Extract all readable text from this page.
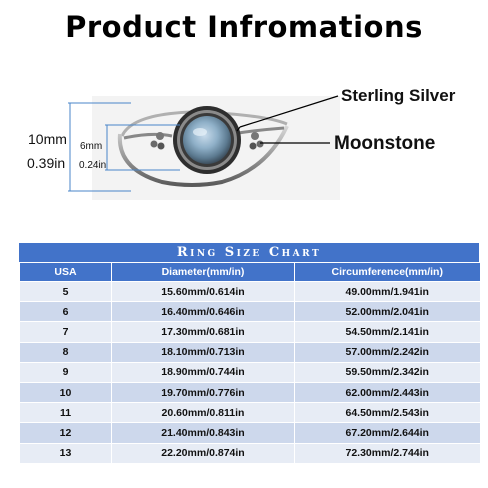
Product Infromations
10mm
0.39in
6mm
0.24in
Sterling Silver
Moonstone
Ring Size Chart
USA	Diameter(mm/in)	Circumference(mm/in)
5	15.60mm/0.614in	49.00mm/1.941in
6	16.40mm/0.646in	52.00mm/2.041in
7	17.30mm/0.681in	54.50mm/2.141in
8	18.10mm/0.713in	57.00mm/2.242in
9	18.90mm/0.744in	59.50mm/2.342in
10	19.70mm/0.776in	62.00mm/2.443in
11	20.60mm/0.811in	64.50mm/2.543in
12	21.40mm/0.843in	67.20mm/2.644in
13	22.20mm/0.874in	72.30mm/2.744in
